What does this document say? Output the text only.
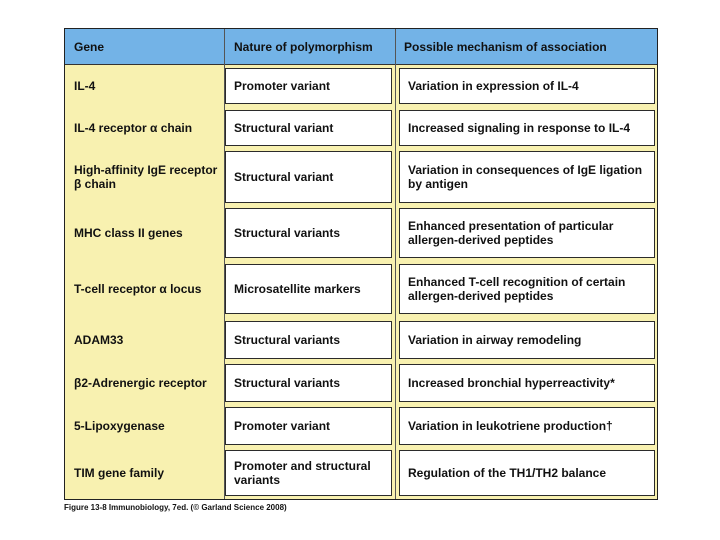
Gene	Nature of polymorphism	Possible mechanism of association
IL-4	Promoter variant	Variation in expression of IL-4
IL-4 receptor α chain	Structural variant	Increased signaling in response to IL-4
High-affinity IgE receptor β chain	Structural variant	Variation in consequences of IgE ligation by antigen
MHC class II genes	Structural variants	Enhanced presentation of particular allergen-derived peptides
T-cell receptor α locus	Microsatellite markers	Enhanced T-cell recognition of certain allergen-derived peptides
ADAM33	Structural variants	Variation in airway remodeling
β2-Adrenergic receptor	Structural variants	Increased bronchial hyperreactivity*
5-Lipoxygenase	Promoter variant	Variation in leukotriene production†
TIM gene family	Promoter and structural variants	Regulation of the TH1/TH2 balance
Figure 13-8 Immunobiology, 7ed. (© Garland Science 2008)
